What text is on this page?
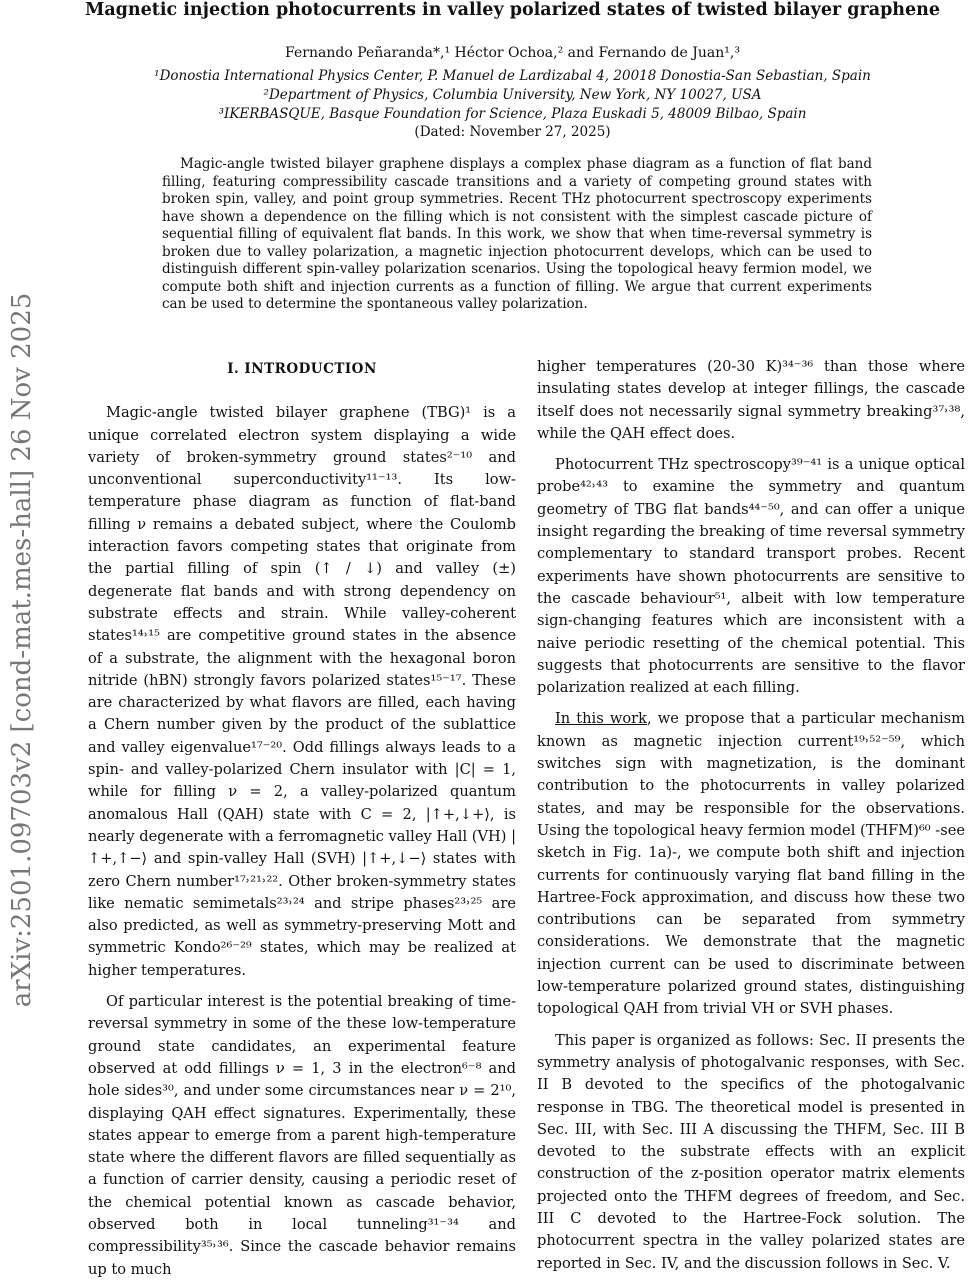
arXiv:2501.09703v2 [cond-mat.mes-hall] 26 Nov 2025
Magnetic injection photocurrents in valley polarized states of twisted bilayer graphene
Fernando Peñaranda*,¹ Héctor Ochoa,² and Fernando de Juan¹,³
¹Donostia International Physics Center, P. Manuel de Lardizabal 4, 20018 Donostia-San Sebastian, Spain
²Department of Physics, Columbia University, New York, NY 10027, USA
³IKERBASQUE, Basque Foundation for Science, Plaza Euskadi 5, 48009 Bilbao, Spain
(Dated: November 27, 2025)
Magic-angle twisted bilayer graphene displays a complex phase diagram as a function of flat band filling, featuring compressibility cascade transitions and a variety of competing ground states with broken spin, valley, and point group symmetries. Recent THz photocurrent spectroscopy experiments have shown a dependence on the filling which is not consistent with the simplest cascade picture of sequential filling of equivalent flat bands. In this work, we show that when time-reversal symmetry is broken due to valley polarization, a magnetic injection photocurrent develops, which can be used to distinguish different spin-valley polarization scenarios. Using the topological heavy fermion model, we compute both shift and injection currents as a function of filling. We argue that current experiments can be used to determine the spontaneous valley polarization.
I. INTRODUCTION

Magic-angle twisted bilayer graphene (TBG)¹ is a unique correlated electron system displaying a wide variety of broken-symmetry ground states²⁻¹⁰ and unconventional superconductivity¹¹⁻¹³. Its low-temperature phase diagram as function of flat-band filling ν remains a debated subject, where the Coulomb interaction favors competing states that originate from the partial filling of spin (↑ / ↓) and valley (±) degenerate flat bands and with strong dependency on substrate effects and strain. While valley-coherent states¹⁴˒¹⁵ are competitive ground states in the absence of a substrate, the alignment with the hexagonal boron nitride (hBN) strongly favors polarized states¹⁵⁻¹⁷. These are characterized by what flavors are filled, each having a Chern number given by the product of the sublattice and valley eigenvalue¹⁷⁻²⁰. Odd fillings always leads to a spin- and valley-polarized Chern insulator with |C| = 1, while for filling ν = 2, a valley-polarized quantum anomalous Hall (QAH) state with C = 2, |↑+,↓+⟩, is nearly degenerate with a ferromagnetic valley Hall (VH) |↑+,↑−⟩ and spin-valley Hall (SVH) |↑+,↓−⟩ states with zero Chern number¹⁷˒²¹˒²². Other broken-symmetry states like nematic semimetals²³˒²⁴ and stripe phases²³˒²⁵ are also predicted, as well as symmetry-preserving Mott and symmetric Kondo²⁶⁻²⁹ states, which may be realized at higher temperatures.

Of particular interest is the potential breaking of time-reversal symmetry in some of the these low-temperature ground state candidates, an experimental feature observed at odd fillings ν = 1, 3 in the electron⁶⁻⁸ and hole sides³⁰, and under some circumstances near ν = 2¹⁰, displaying QAH effect signatures. Experimentally, these states appear to emerge from a parent high-temperature state where the different flavors are filled sequentially as a function of carrier density, causing a periodic reset of the chemical potential known as cascade behavior, observed both in local tunneling³¹⁻³⁴ and compressibility³⁵˒³⁶. Since the cascade behavior remains up to much

higher temperatures (20-30 K)³⁴⁻³⁶ than those where insulating states develop at integer fillings, the cascade itself does not necessarily signal symmetry breaking³⁷˒³⁸, while the QAH effect does.

Photocurrent THz spectroscopy³⁹⁻⁴¹ is a unique optical probe⁴²˒⁴³ to examine the symmetry and quantum geometry of TBG flat bands⁴⁴⁻⁵⁰, and can offer a unique insight regarding the breaking of time reversal symmetry complementary to standard transport probes. Recent experiments have shown photocurrents are sensitive to the cascade behaviour⁵¹, albeit with low temperature sign-changing features which are inconsistent with a naive periodic resetting of the chemical potential. This suggests that photocurrents are sensitive to the flavor polarization realized at each filling.

In this work, we propose that a particular mechanism known as magnetic injection current¹⁹˒⁵²⁻⁵⁹, which switches sign with magnetization, is the dominant contribution to the photocurrents in valley polarized states, and may be responsible for the observations. Using the topological heavy fermion model (THFM)⁶⁰ -see sketch in Fig. 1a)-, we compute both shift and injection currents for continuously varying flat band filling in the Hartree-Fock approximation, and discuss how these two contributions can be separated from symmetry considerations. We demonstrate that the magnetic injection current can be used to discriminate between low-temperature polarized ground states, distinguishing topological QAH from trivial VH or SVH phases.

This paper is organized as follows: Sec. II presents the symmetry analysis of photogalvanic responses, with Sec. II B devoted to the specifics of the photogalvanic response in TBG. The theoretical model is presented in Sec. III, with Sec. III A discussing the THFM, Sec. III B devoted to the substrate effects with an explicit construction of the z-position operator matrix elements projected onto the THFM degrees of freedom, and Sec. III C devoted to the Hartree-Fock solution. The photocurrent spectra in the valley polarized states are reported in Sec. IV, and the discussion follows in Sec. V.
